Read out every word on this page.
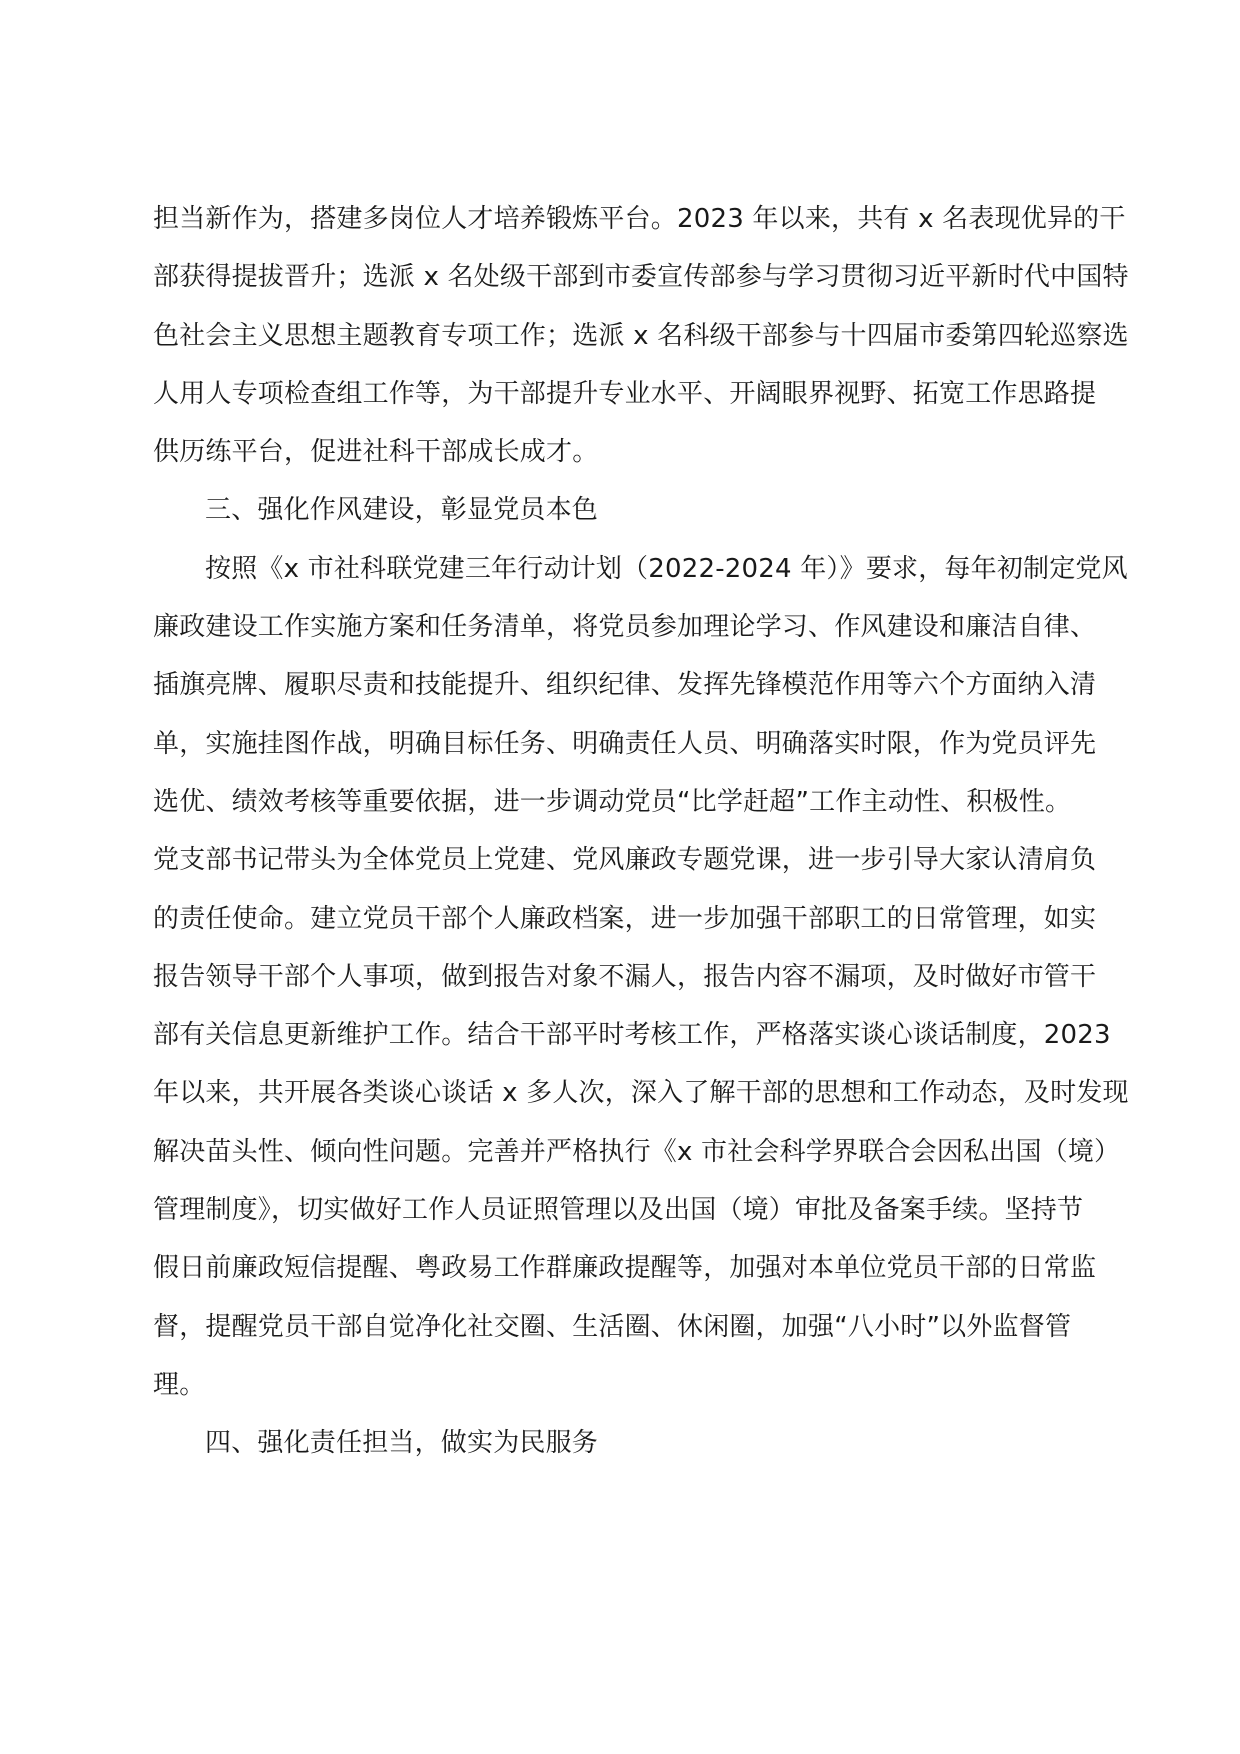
担当新作为，搭建多岗位人才培养锻炼平台。2023 年以来，共有 x 名表现优异的干
部获得提拔晋升；选派 x 名处级干部到市委宣传部参与学习贯彻习近平新时代中国特
色社会主义思想主题教育专项工作；选派 x 名科级干部参与十四届市委第四轮巡察选
人用人专项检查组工作等，为干部提升专业水平、开阔眼界视野、拓宽工作思路提
供历练平台，促进社科干部成长成才。
三、强化作风建设，彰显党员本色
按照《x 市社科联党建三年行动计划（2022-2024 年）》要求，每年初制定党风
廉政建设工作实施方案和任务清单，将党员参加理论学习、作风建设和廉洁自律、
插旗亮牌、履职尽责和技能提升、组织纪律、发挥先锋模范作用等六个方面纳入清
单，实施挂图作战，明确目标任务、明确责任人员、明确落实时限，作为党员评先
选优、绩效考核等重要依据，进一步调动党员“比学赶超”工作主动性、积极性。
党支部书记带头为全体党员上党建、党风廉政专题党课，进一步引导大家认清肩负
的责任使命。建立党员干部个人廉政档案，进一步加强干部职工的日常管理，如实
报告领导干部个人事项，做到报告对象不漏人，报告内容不漏项，及时做好市管干
部有关信息更新维护工作。结合干部平时考核工作，严格落实谈心谈话制度，2023
年以来，共开展各类谈心谈话 x 多人次，深入了解干部的思想和工作动态，及时发现
解决苗头性、倾向性问题。完善并严格执行《x 市社会科学界联合会因私出国（境）
管理制度》，切实做好工作人员证照管理以及出国（境）审批及备案手续。坚持节
假日前廉政短信提醒、粤政易工作群廉政提醒等，加强对本单位党员干部的日常监
督，提醒党员干部自觉净化社交圈、生活圈、休闲圈，加强“八小时”以外监督管
理。
四、强化责任担当，做实为民服务
